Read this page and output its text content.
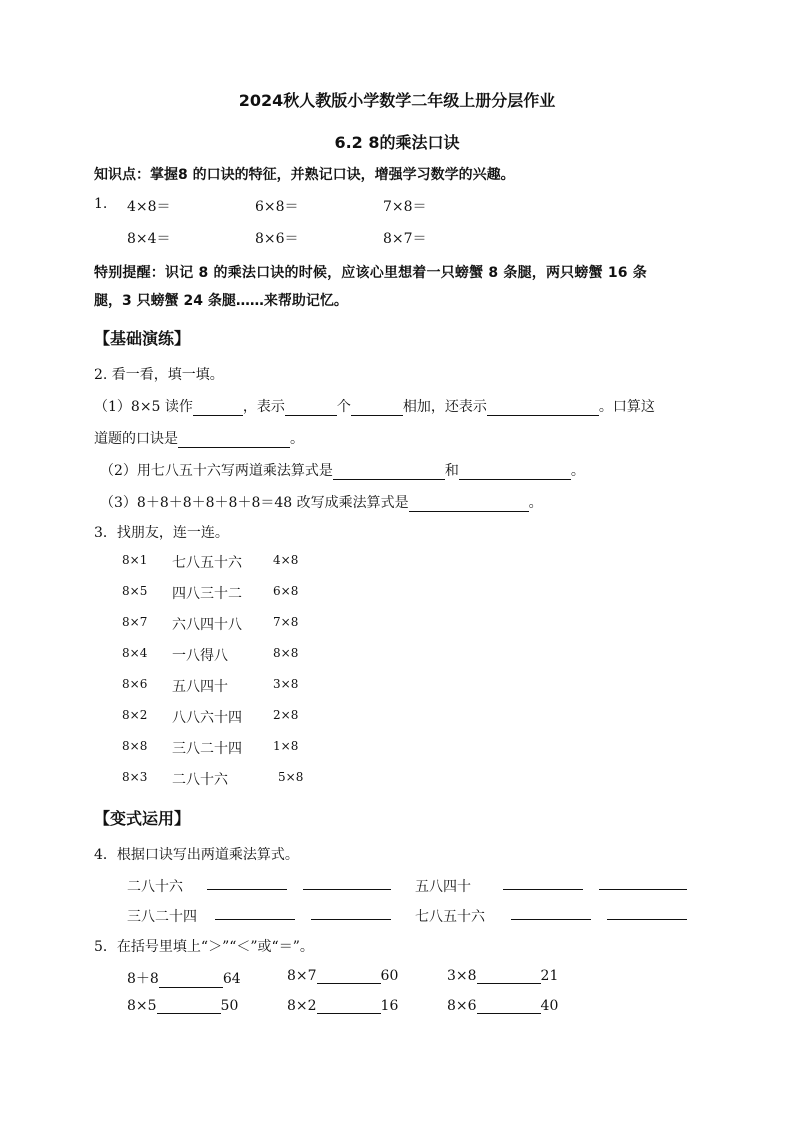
2024秋人教版小学数学二年级上册分层作业
6.2 8的乘法口诀
知识点：掌握8 的口诀的特征，并熟记口诀，增强学习数学的兴趣。
1. 4×8＝	6×8＝	7×8＝
8×4＝	8×6＝	8×7＝
特别提醒：识记 8 的乘法口诀的时候，应该心里想着一只螃蟹 8 条腿，两只螃蟹 16 条
腿，3 只螃蟹 24 条腿……来帮助记忆。
【基础演练】
2. 看一看，填一填。
（1）8×5 读作	，表示	个	相加，还表示	。口算这
道题的口诀是	。
（2）用七八五十六写两道乘法算式是	和	。
（3）8＋8＋8＋8＋8＋8＝48 改写成乘法算式是	。
3．找朋友，连一连。
8×1 七八五十六	4×8
8×5 四八三十二	6×8
8×7 六八四十八	7×8
8×4 一八得八	8×8
8×6 五八四十	3×8
8×2 八八六十四	2×8
8×8 三八二十四	1×8
8×3 二八十六	5×8
【变式运用】
4．根据口诀写出两道乘法算式。
二八十六	五八四十
三八二十四	七八五十六
5．在括号里填上“＞”“＜”或“＝”。
8＋8	64	8×7	60	3×8	21
8×5	50	8×2	16	8×6	40
